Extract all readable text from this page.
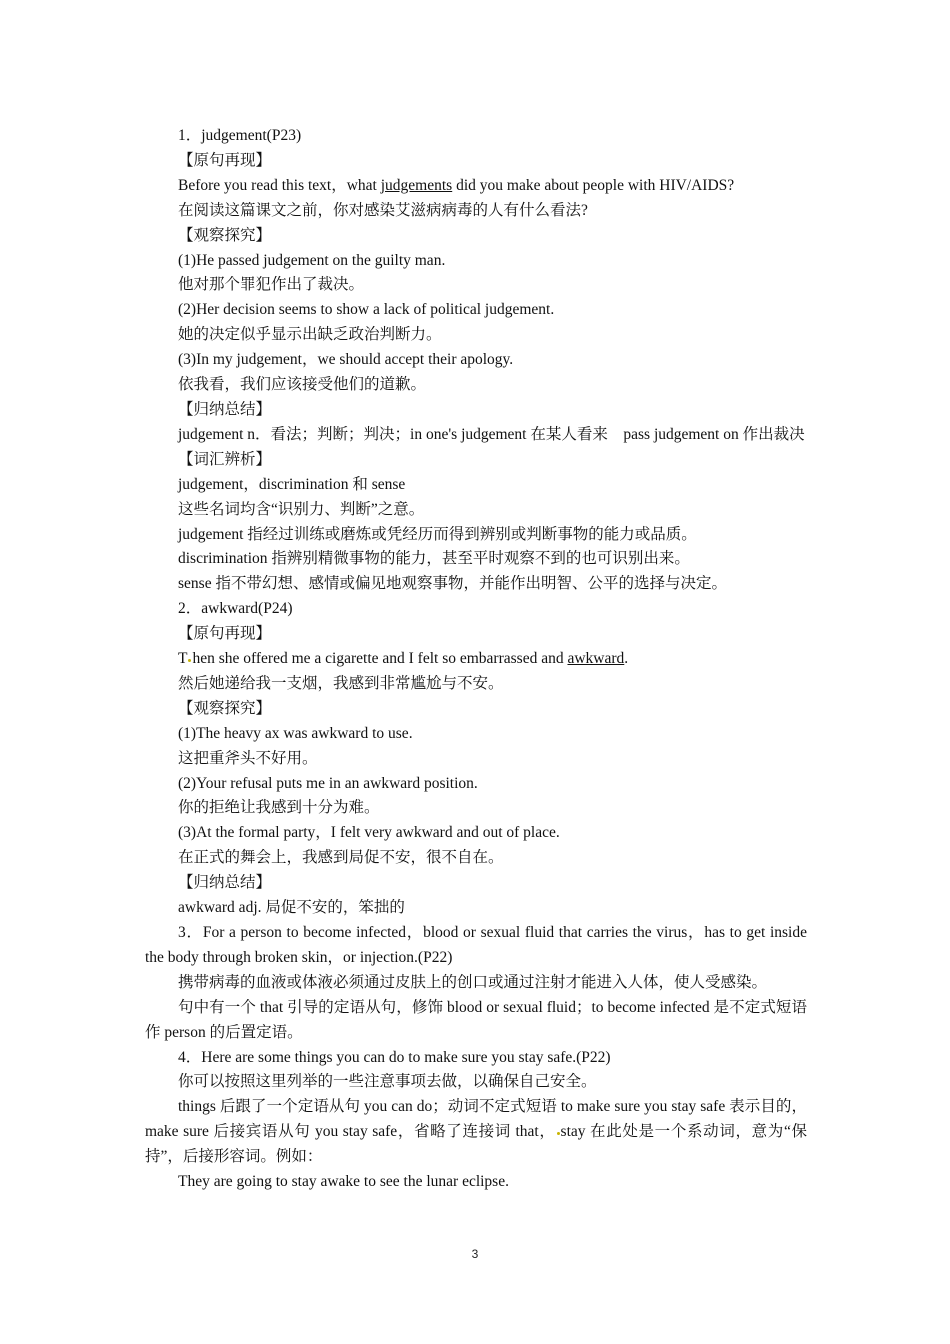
1．judgement(P23)

【原句再现】

Before you read this text，what judgements did you make about people with HIV/AIDS?

在阅读这篇课文之前，你对感染艾滋病病毒的人有什么看法?

【观察探究】

(1)He passed judgement on the guilty man.

他对那个罪犯作出了裁决。

(2)Her decision seems to show a lack of political judgement.

她的决定似乎显示出缺乏政治判断力。

(3)In my judgement，we should accept their apology.

依我看，我们应该接受他们的道歉。

【归纳总结】

judgement n．看法；判断；判决；in one's judgement 在某人看来　pass judgement on 作出裁决

【词汇辨析】

judgement，discrimination 和 sense

这些名词均含“识别力、判断”之意。

judgement 指经过训练或磨炼或凭经历而得到辨别或判断事物的能力或品质。

discrimination 指辨别精微事物的能力，甚至平时观察不到的也可识别出来。

sense 指不带幻想、感情或偏见地观察事物，并能作出明智、公平的选择与决定。

2．awkward(P24)

【原句再现】

T hen she offered me a cigarette and I felt so embarrassed and awkward.

然后她递给我一支烟，我感到非常尴尬与不安。

【观察探究】

(1)The heavy ax was awkward to use.

这把重斧头不好用。

(2)Your refusal puts me in an awkward position.

你的拒绝让我感到十分为难。

(3)At the formal party，I felt very awkward and out of place.

在正式的舞会上，我感到局促不安，很不自在。

【归纳总结】

awkward adj. 局促不安的，笨拙的

3．For a person to become infected，blood or sexual fluid that carries the virus，has to get inside the body through broken skin，or injection.(P22)

携带病毒的血液或体液必须通过皮肤上的创口或通过注射才能进入人体，使人受感染。

句中有一个 that 引导的定语从句，修饰 blood or sexual fluid；to become infected 是不定式短语作 person 的后置定语。

4．Here are some things you can do to make sure you stay safe.(P22)

你可以按照这里列举的一些注意事项去做，以确保自己安全。

things 后跟了一个定语从句 you can do；动词不定式短语 to make sure you stay safe 表示目的，make sure 后接宾语从句 you stay safe，省略了连接词 that， stay 在此处是一个系动词，意为“保持”，后接形容词。例如：

They are going to stay awake to see the lunar eclipse.

3
